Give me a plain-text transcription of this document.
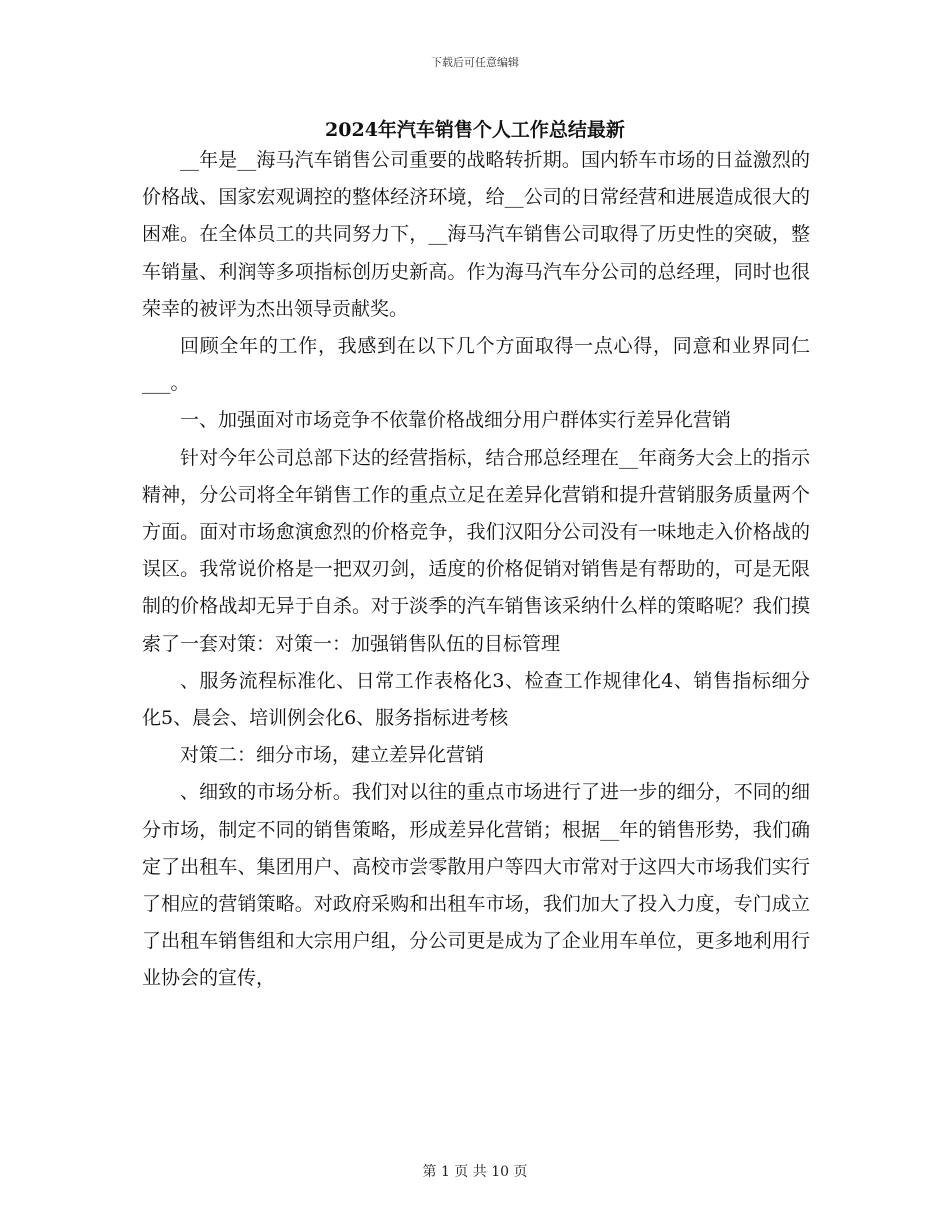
下载后可任意编辑
2024年汽车销售个人工作总结最新

__年是__海马汽车销售公司重要的战略转折期。国内轿车市场的日益激烈的价格战、国家宏观调控的整体经济环境，给__公司的日常经营和进展造成很大的困难。在全体员工的共同努力下，__海马汽车销售公司取得了历史性的突破，整车销量、利润等多项指标创历史新高。作为海马汽车分公司的总经理，同时也很荣幸的被评为杰出领导贡献奖。

回顾全年的工作，我感到在以下几个方面取得一点心得，同意和业界同仁___。

一、加强面对市场竞争不依靠价格战细分用户群体实行差异化营销

针对今年公司总部下达的经营指标，结合邢总经理在__年商务大会上的指示精神，分公司将全年销售工作的重点立足在差异化营销和提升营销服务质量两个方面。面对市场愈演愈烈的价格竞争，我们汉阳分公司没有一味地走入价格战的误区。我常说价格是一把双刃剑，适度的价格促销对销售是有帮助的，可是无限制的价格战却无异于自杀。对于淡季的汽车销售该采纳什么样的策略呢？我们摸索了一套对策：对策一：加强销售队伍的目标管理

、服务流程标准化、日常工作表格化3、检查工作规律化4、销售指标细分化5、晨会、培训例会化6、服务指标进考核

对策二：细分市场，建立差异化营销

、细致的市场分析。我们对以往的重点市场进行了进一步的细分，不同的细分市场，制定不同的销售策略，形成差异化营销；根据__年的销售形势，我们确定了出租车、集团用户、高校市尝零散用户等四大市常对于这四大市场我们实行了相应的营销策略。对政府采购和出租车市场，我们加大了投入力度，专门成立了出租车销售组和大宗用户组，分公司更是成为了企业用车单位，更多地利用行业协会的宣传，

第 1 页 共 10 页
